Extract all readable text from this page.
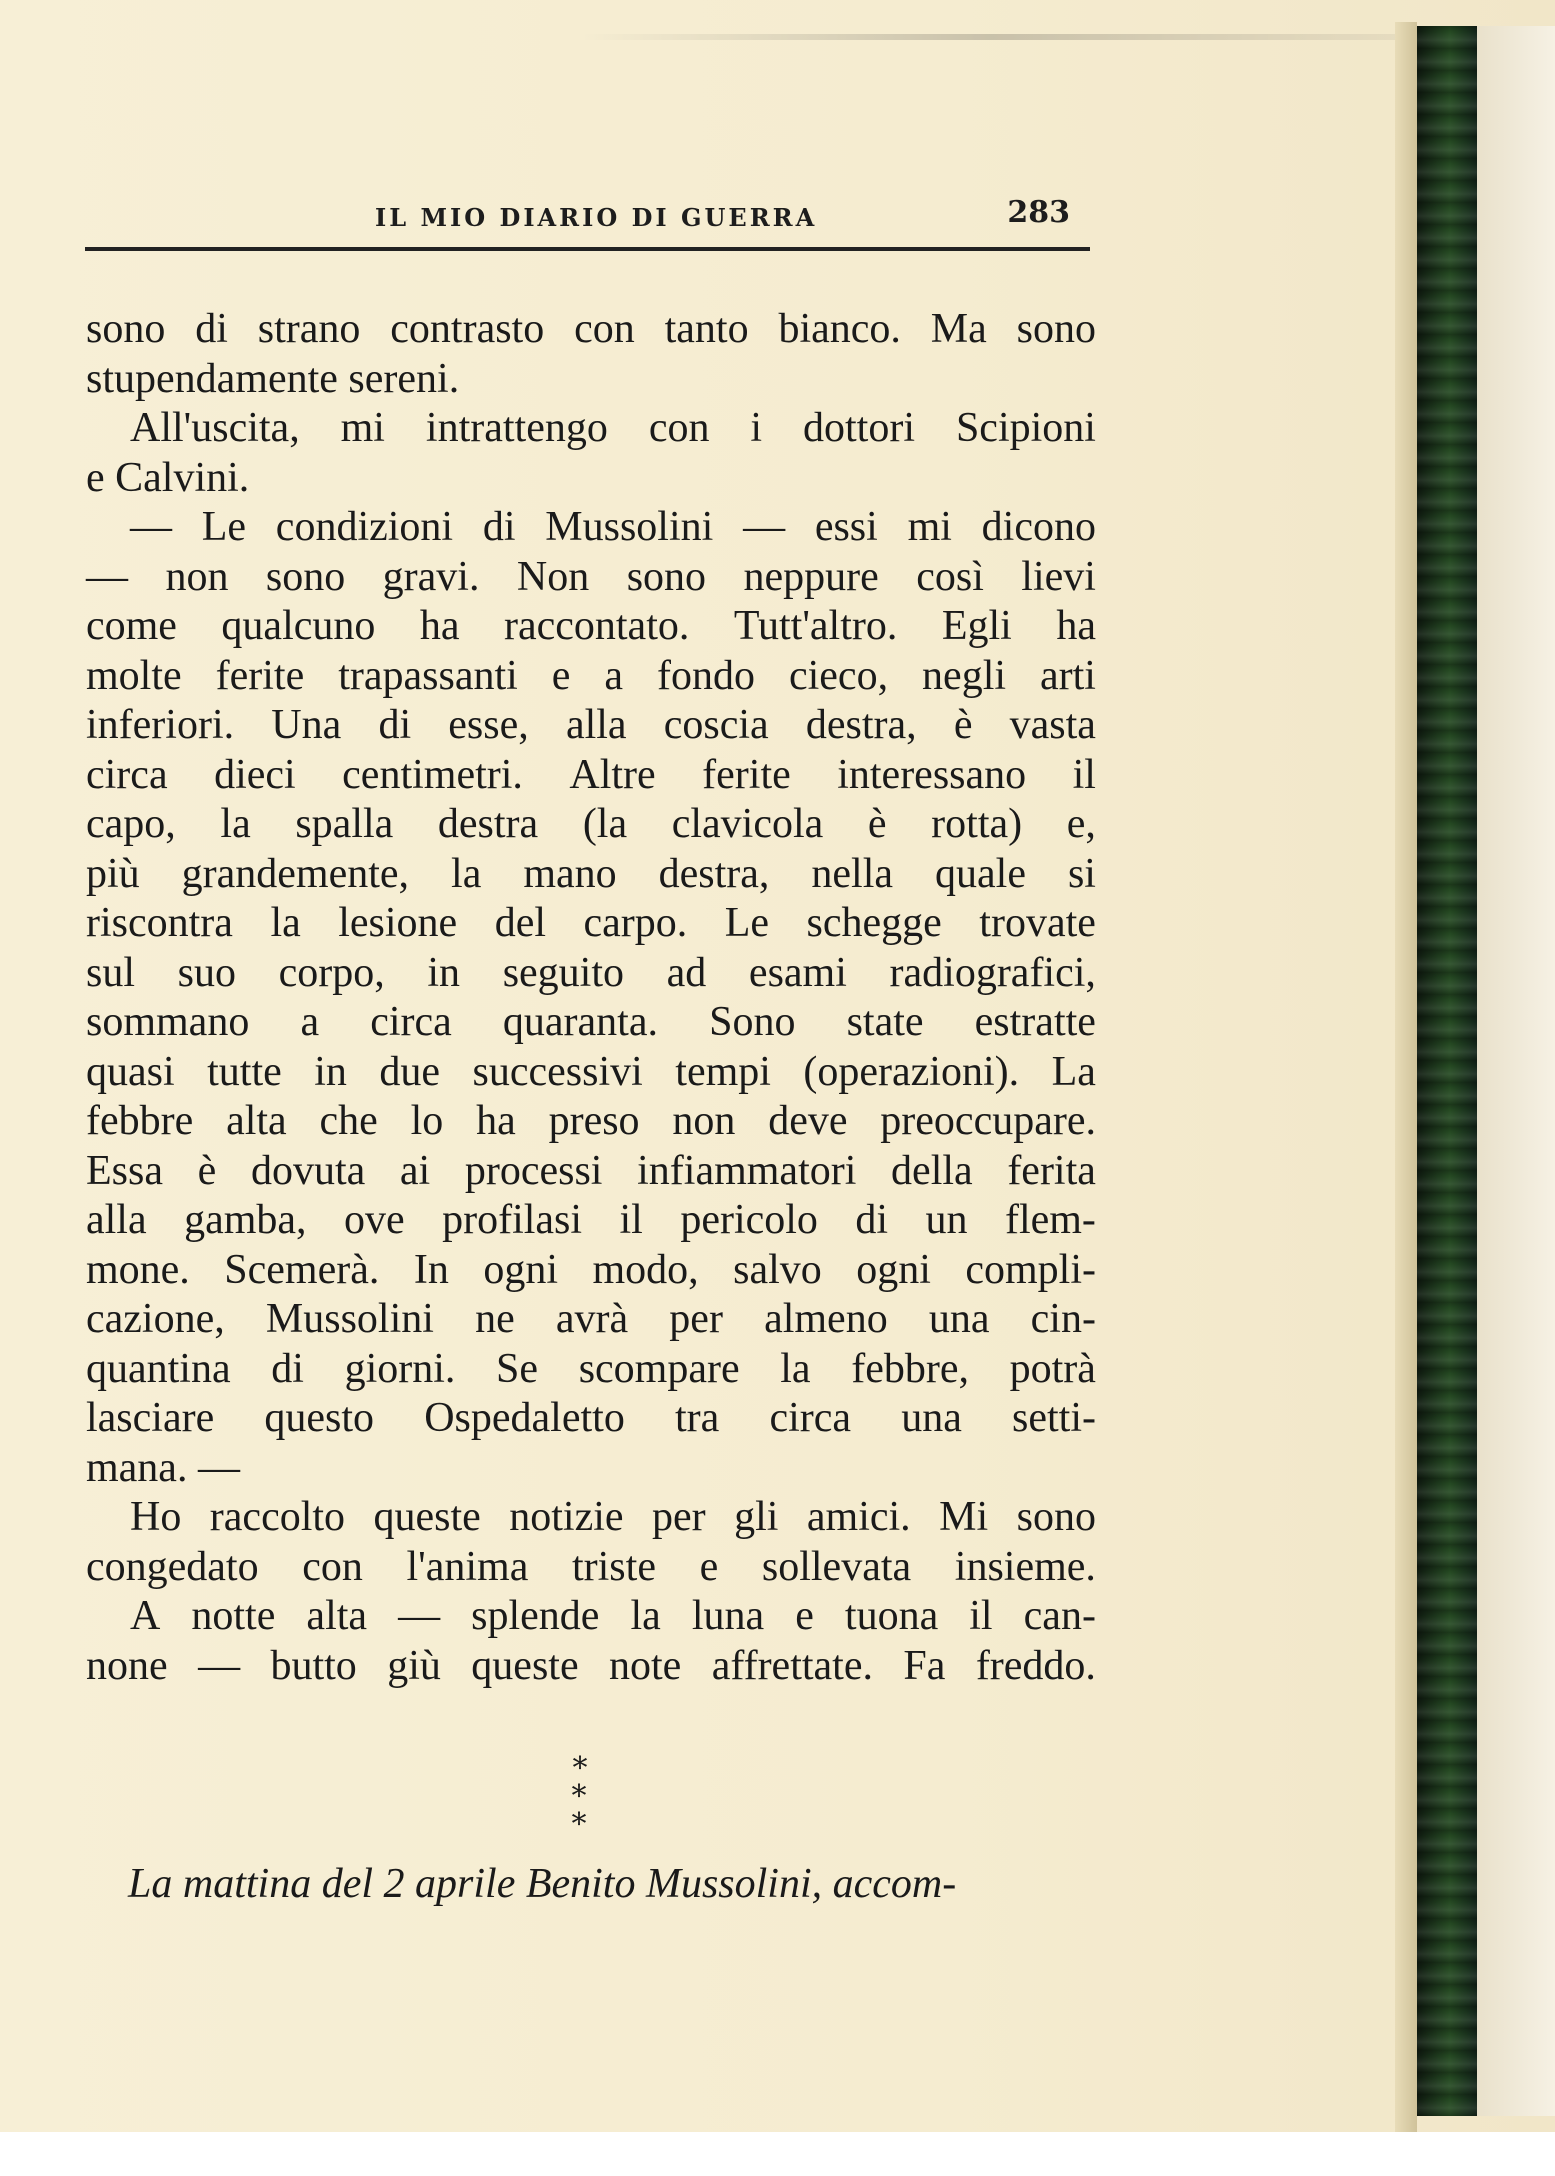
IL MIO DIARIO DI GUERRA	283
sono di strano contrasto con tanto bianco. Ma sono
stupendamente sereni.
All'uscita, mi intrattengo con i dottori Scipioni
e Calvini.
— Le condizioni di Mussolini — essi mi dicono
— non sono gravi. Non sono neppure così lievi
come qualcuno ha raccontato. Tutt'altro. Egli ha
molte ferite trapassanti e a fondo cieco, negli arti
inferiori. Una di esse, alla coscia destra, è vasta
circa dieci centimetri. Altre ferite interessano il
capo, la spalla destra (la clavicola è rotta) e,
più grandemente, la mano destra, nella quale si
riscontra la lesione del carpo. Le schegge trovate
sul suo corpo, in seguito ad esami radiografici,
sommano a circa quaranta. Sono state estratte
quasi tutte in due successivi tempi (operazioni). La
febbre alta che lo ha preso non deve preoccupare.
Essa è dovuta ai processi infiammatori della ferita
alla gamba, ove profilasi il pericolo di un flem-
mone. Scemerà. In ogni modo, salvo ogni compli-
cazione, Mussolini ne avrà per almeno una cin-
quantina di giorni. Se scompare la febbre, potrà
lasciare questo Ospedaletto tra circa una setti-
mana. —
Ho raccolto queste notizie per gli amici. Mi sono
congedato con l'anima triste e sollevata insieme.
A notte alta — splende la luna e tuona il can-
none — butto giù queste note affrettate. Fa freddo.
*
* *
La mattina del 2 aprile Benito Mussolini, accom-
